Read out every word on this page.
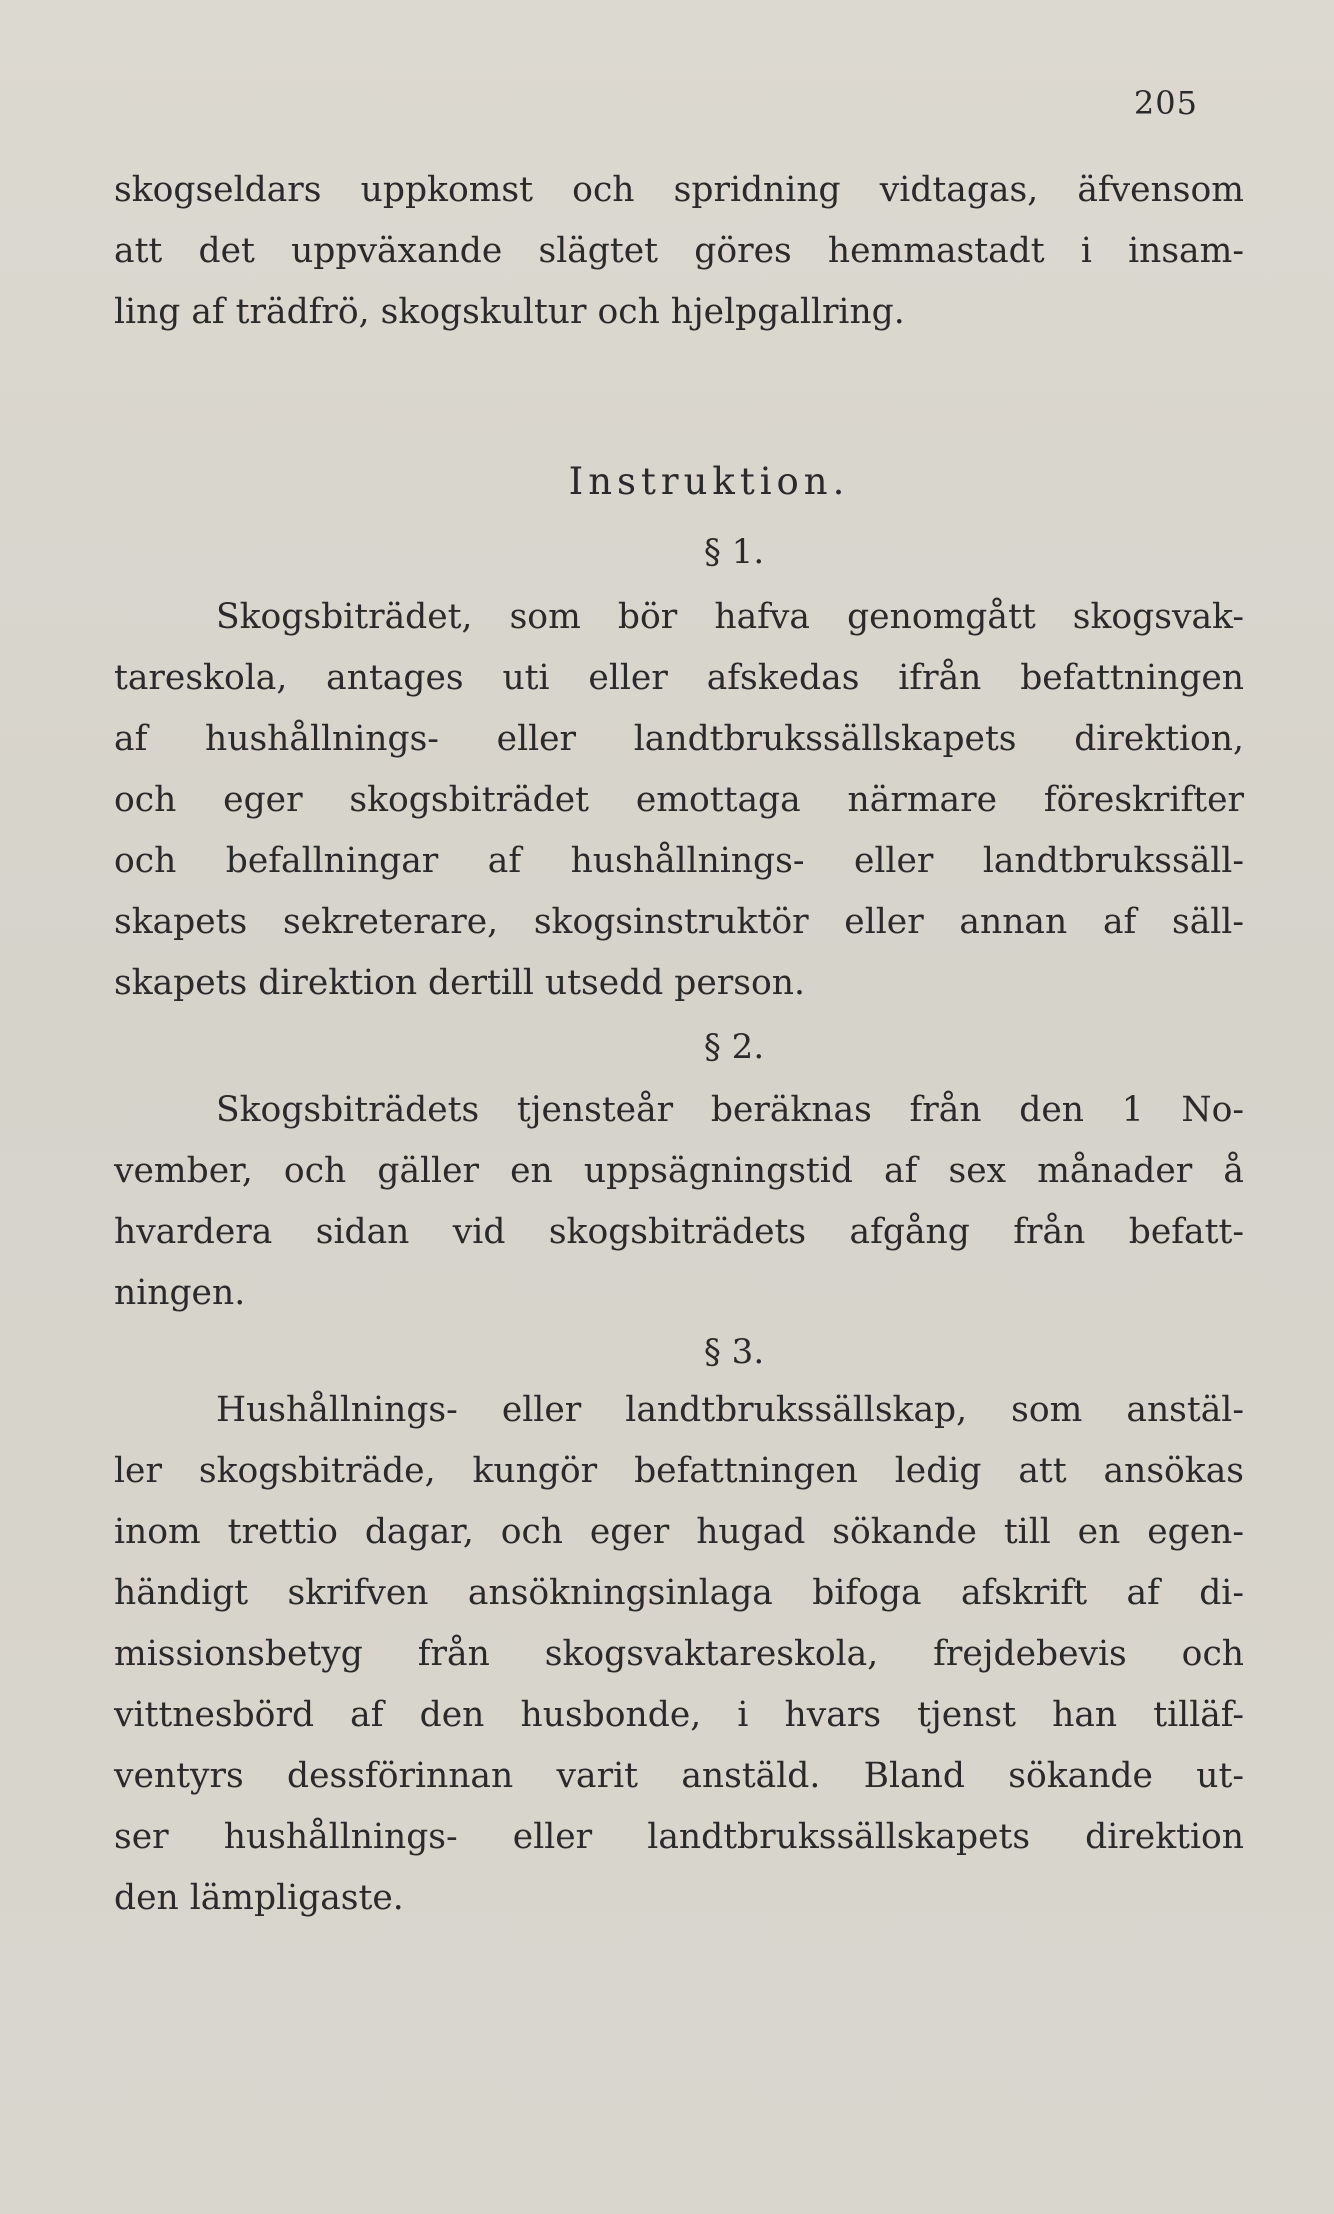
205

skogseldars uppkomst och spridning vidtagas, äfvensom

att det uppväxande slägtet göres hemmastadt i insam-

ling af trädfrö, skogskultur och hjelpgallring.

Instruktion.

§ 1.

Skogsbiträdet, som bör hafva genomgått skogsvak-

tareskola, antages uti eller afskedas ifrån befattningen

af hushållnings- eller landtbrukssällskapets direktion,

och eger skogsbiträdet emottaga närmare föreskrifter

och befallningar af hushållnings- eller landtbrukssäll-

skapets sekreterare, skogsinstruktör eller annan af säll-

skapets direktion dertill utsedd person.

§ 2.

Skogsbiträdets tjensteår beräknas från den 1 No-

vember, och gäller en uppsägningstid af sex månader å

hvardera sidan vid skogsbiträdets afgång från befatt-

ningen.

§ 3.

Hushållnings- eller landtbrukssällskap, som anstäl-

ler skogsbiträde, kungör befattningen ledig att ansökas

inom trettio dagar, och eger hugad sökande till en egen-

händigt skrifven ansökningsinlaga bifoga afskrift af di-

missionsbetyg från skogsvaktareskola, frejdebevis och

vittnesbörd af den husbonde, i hvars tjenst han tilläf-

ventyrs dessförinnan varit anstäld. Bland sökande ut-

ser hushållnings- eller landtbrukssällskapets direktion

den lämpligaste.
